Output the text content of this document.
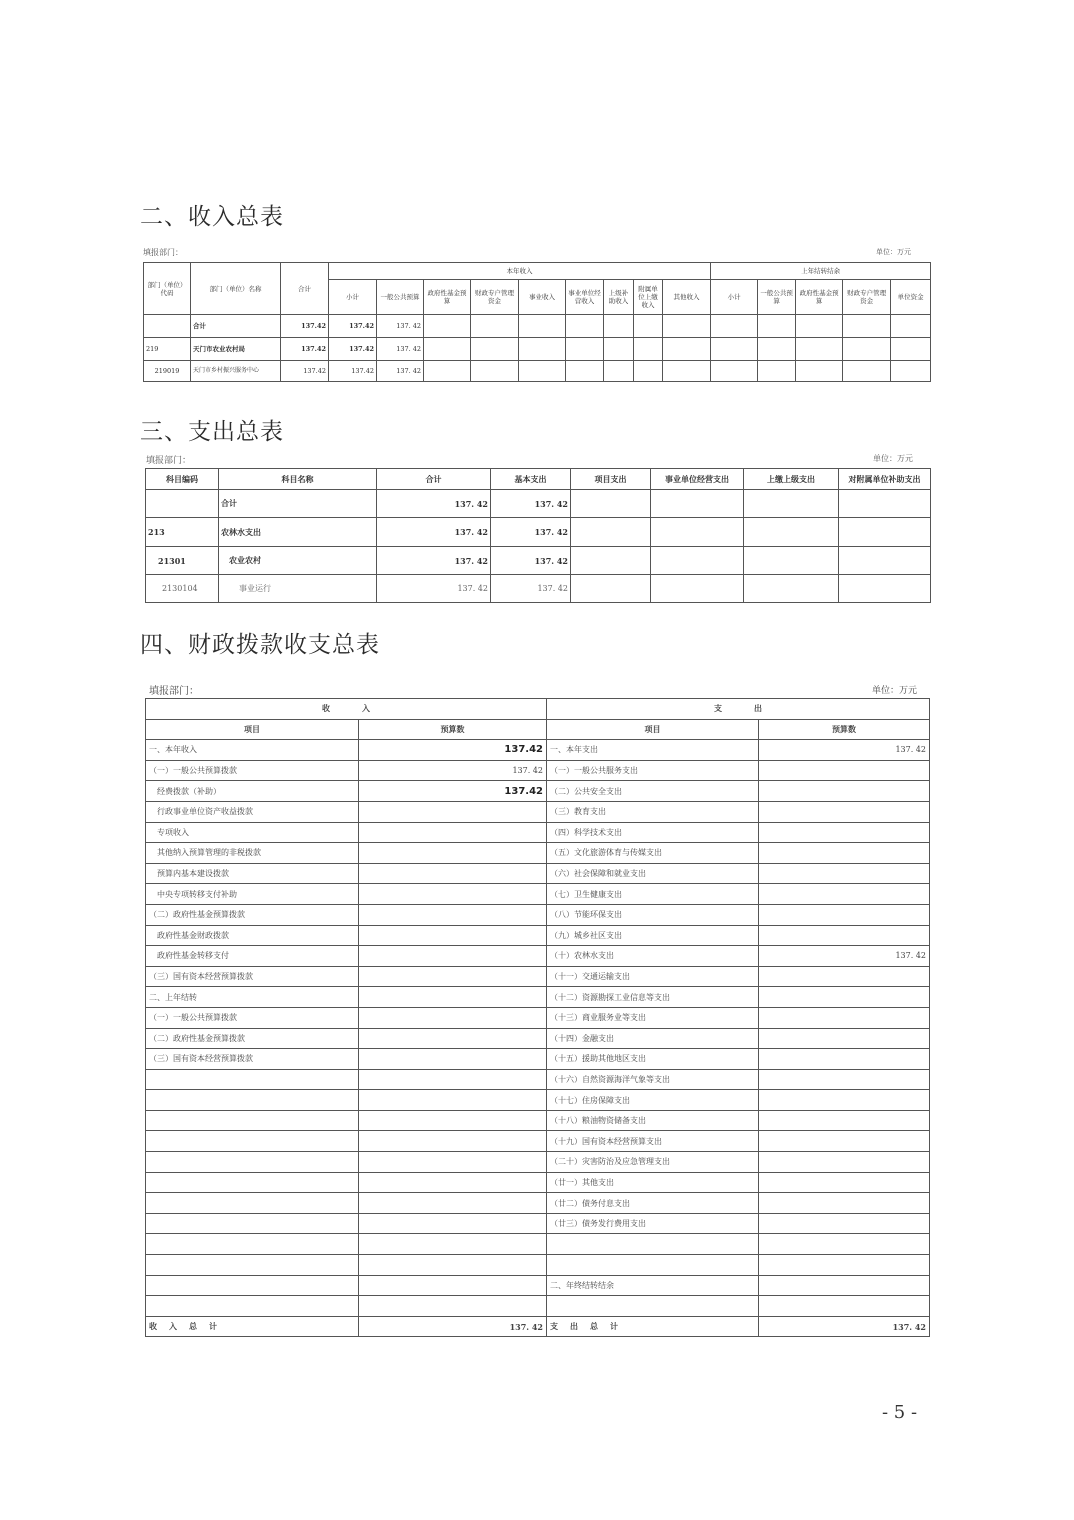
二、收入总表
填报部门：	单位：万元
部门（单位）代码	部门（单位）名称	合计	本年收入									上年结转结余					
			小计	一般公共预算	政府性基金预算	财政专户管理资金	事业收入	事业单位经营收入	上级补助收入	附属单位上缴收入	其他收入	小计	一般公共预算	政府性基金预算	财政专户管理资金	单位资金	
	合计	137.42	137.42	137. 42													
219	天门市农业农村局	137.42	137.42	137. 42													
219019	天门市乡村振兴服务中心	137.42	137.42	137. 42													
三、支出总表
填报部门：	单位：万元
科目编码	科目名称	合计	基本支出	项目支出	事业单位经营支出	上缴上级支出	对附属单位补助支出
	合计	137. 42	137. 42				
213	农林水支出	137. 42	137. 42				
21301	农业农村	137. 42	137. 42				
2130104	事业运行	137. 42	137. 42				
四、财政拨款收支总表
填报部门：	单位：万元
收　　　　入		支　　　　出	
项目	预算数	项目	预算数
一、本年收入	137.42	一、本年支出	137. 42
（一）一般公共预算拨款	137. 42	（一）一般公共服务支出	
　经费拨款（补助）	137.42	（二）公共安全支出	
　行政事业单位资产收益拨款		（三）教育支出	
　专项收入		（四）科学技术支出	
　其他纳入预算管理的非税拨款		（五）文化旅游体育与传媒支出	
　预算内基本建设拨款		（六）社会保障和就业支出	
　中央专项转移支付补助		（七）卫生健康支出	
（二）政府性基金预算拨款		（八）节能环保支出	
　政府性基金财政拨款		（九）城乡社区支出	
　政府性基金转移支付		（十）农林水支出	137. 42
（三）国有资本经营预算拨款		（十一）交通运输支出	
二、上年结转		（十二）资源勘探工业信息等支出	
（一）一般公共预算拨款		（十三）商业服务业等支出	
（二）政府性基金预算拨款		（十四）金融支出	
（三）国有资本经营预算拨款		（十五）援助其他地区支出	
		（十六）自然资源海洋气象等支出	
		（十七）住房保障支出	
		（十八）粮油物资储备支出	
		（十九）国有资本经营预算支出	
		（二十）灾害防治及应急管理支出	
		（廿一）其他支出	
		（廿二）债务付息支出	
		（廿三）债务发行费用支出	

		二、年终结转结余	

收入总计	137. 42	支出总计	137. 42
- 5 -
